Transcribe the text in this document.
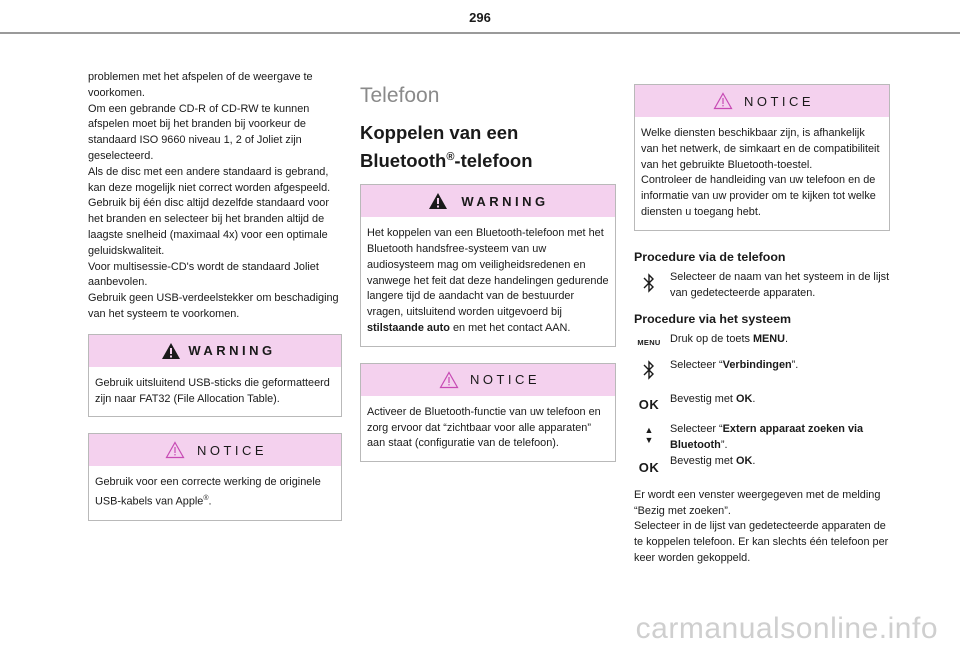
296
problemen met het afspelen of de weergave te voorkomen.
Om een gebrande CD-R of CD-RW te kunnen afspelen moet bij het branden bij voorkeur de standaard ISO 9660 niveau 1, 2 of Joliet zijn geselecteerd.
Als de disc met een andere standaard is gebrand, kan deze mogelijk niet correct worden afgespeeld.
Gebruik bij één disc altijd dezelfde standaard voor het branden en selecteer bij het branden altijd de laagste snelheid (maximaal 4x) voor een optimale geluidskwaliteit.
Voor multisessie-CD's wordt de standaard Joliet aanbevolen.
Gebruik geen USB-verdeelstekker om beschadiging van het systeem te voorkomen.
WARNING
Gebruik uitsluitend USB-sticks die geformatteerd zijn naar FAT32 (File Allocation Table).
NOTICE
Gebruik voor een correcte werking de originele USB-kabels van Apple®.
Telefoon
Koppelen van een
Bluetooth®-telefoon
WARNING
Het koppelen van een Bluetooth-telefoon met het Bluetooth handsfree-systeem van uw audiosysteem mag om veiligheidsredenen en vanwege het feit dat deze handelingen gedurende langere tijd de aandacht van de bestuurder vragen, uitsluitend worden uitgevoerd bij stilstaande auto en met het contact AAN.
NOTICE
Activeer de Bluetooth-functie van uw telefoon en zorg ervoor dat “zichtbaar voor alle apparaten” aan staat (configuratie van de telefoon).
NOTICE
Welke diensten beschikbaar zijn, is afhankelijk van het netwerk, de simkaart en de compatibiliteit van het gebruikte Bluetooth-toestel.
Controleer de handleiding van uw telefoon en de informatie van uw provider om te kijken tot welke diensten u toegang hebt.
Procedure via de telefoon
Selecteer de naam van het systeem in de lijst van gedetecteerde apparaten.
Procedure via het systeem
MENU Druk op de toets MENU.
Selecteer “Verbindingen”.
OK Bevestig met OK.
▲
▼
Selecteer “Extern apparaat zoeken via Bluetooth”.
OK Bevestig met OK.
Er wordt een venster weergegeven met de melding “Bezig met zoeken”.
Selecteer in de lijst van gedetecteerde apparaten de te koppelen telefoon. Er kan slechts één telefoon per keer worden gekoppeld.
carmanualsonline.info
